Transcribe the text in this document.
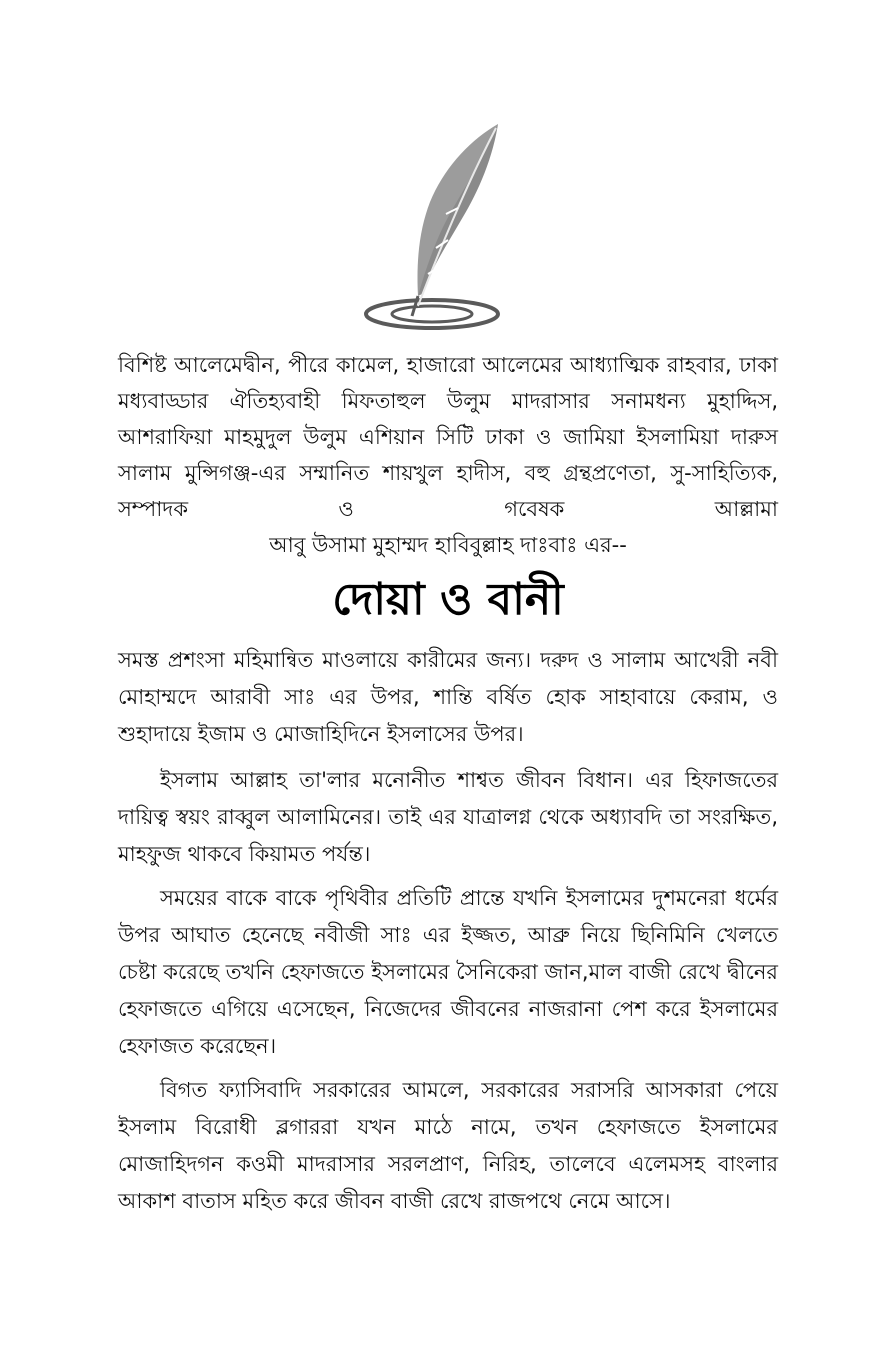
বিশিষ্ট আলেমেদ্বীন, পীরে কামেল, হাজারো আলেমের আধ্যাত্মিক রাহবার, ঢাকা মধ্যবাড্ডার ঐতিহ্যবাহী মিফতাহুল উলুম মাদরাসার সনামধন্য মুহাদ্দিস, আশরাফিয়া মাহমুদুল উলুম এশিয়ান সিটি ঢাকা ও জামিয়া ইসলামিয়া দারুস সালাম মুন্সিগঞ্জ-এর সম্মানিত শায়খুল হাদীস, বহু গ্রন্থপ্রণেতা, সু-সাহিত্যিক, সম্পাদক ও গবেষক আল্লামা
আবু উসামা মুহাম্মদ হাবিবুল্লাহ দাঃবাঃ এর--
দোয়া ও বানী

সমস্ত প্রশংসা মহিমান্বিত মাওলায়ে কারীমের জন্য। দরুদ ও সালাম আখেরী নবী মোহাম্মদে আরাবী সাঃ এর উপর, শান্তি বর্ষিত হোক সাহাবায়ে কেরাম, ও শুহাদায়ে ইজাম ও মোজাহিদিনে ইসলাসের উপর।

ইসলাম আল্লাহ তা'লার মনোনীত শাশ্বত জীবন বিধান। এর হিফাজতের দায়িত্ব স্বয়ং রাব্বুল আলামিনের। তাই এর যাত্রালগ্ন থেকে অধ্যাবদি তা সংরক্ষিত, মাহফুজ থাকবে কিয়ামত পর্যন্ত।

সময়ের বাকে বাকে পৃথিবীর প্রতিটি প্রান্তে যখনি ইসলামের দুশমনেরা ধর্মের উপর আঘাত হেনেছে নবীজী সাঃ এর ইজ্জত, আব্রু নিয়ে ছিনিমিনি খেলতে চেষ্টা করেছে তখনি হেফাজতে ইসলামের সৈনিকেরা জান,মাল বাজী রেখে দ্বীনের হেফাজতে এগিয়ে এসেছেন, নিজেদের জীবনের নাজরানা পেশ করে ইসলামের হেফাজত করেছেন।

বিগত ফ্যাসিবাদি সরকারের আমলে, সরকারের সরাসরি আসকারা পেয়ে ইসলাম বিরোধী ব্লগাররা যখন মাঠে নামে, তখন হেফাজতে ইসলামের মোজাহিদগন কওমী মাদরাসার সরলপ্রাণ, নিরিহ, তালেবে এলেমসহ বাংলার আকাশ বাতাস মহিত করে জীবন বাজী রেখে রাজপথে নেমে আসে।
